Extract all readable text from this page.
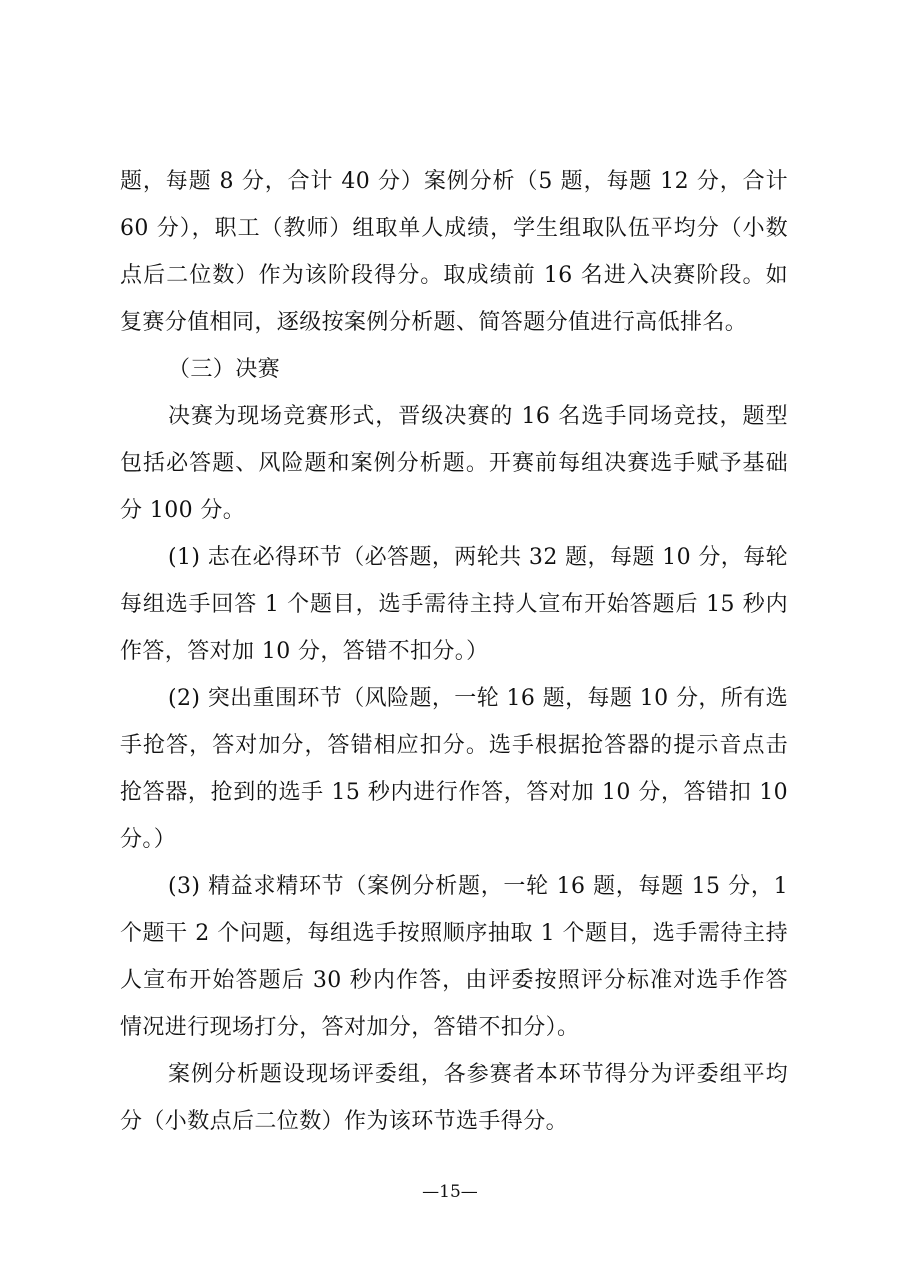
题，每题 8 分，合计 40 分）案例分析（5 题，每题 12 分，合计 60 分），职工（教师）组取单人成绩，学生组取队伍平均分（小数点后二位数）作为该阶段得分。取成绩前 16 名进入决赛阶段。如复赛分值相同，逐级按案例分析题、简答题分值进行高低排名。

（三）决赛

决赛为现场竞赛形式，晋级决赛的 16 名选手同场竞技，题型包括必答题、风险题和案例分析题。开赛前每组决赛选手赋予基础分 100 分。

(1) 志在必得环节（必答题，两轮共 32 题，每题 10 分，每轮每组选手回答 1 个题目，选手需待主持人宣布开始答题后 15 秒内作答，答对加 10 分，答错不扣分。）

(2) 突出重围环节（风险题，一轮 16 题，每题 10 分，所有选手抢答，答对加分，答错相应扣分。选手根据抢答器的提示音点击抢答器，抢到的选手 15 秒内进行作答，答对加 10 分，答错扣 10 分。）

(3) 精益求精环节（案例分析题，一轮 16 题，每题 15 分，1 个题干 2 个问题，每组选手按照顺序抽取 1 个题目，选手需待主持人宣布开始答题后 30 秒内作答，由评委按照评分标准对选手作答情况进行现场打分，答对加分，答错不扣分）。

案例分析题设现场评委组，各参赛者本环节得分为评委组平均分（小数点后二位数）作为该环节选手得分。

—15—
